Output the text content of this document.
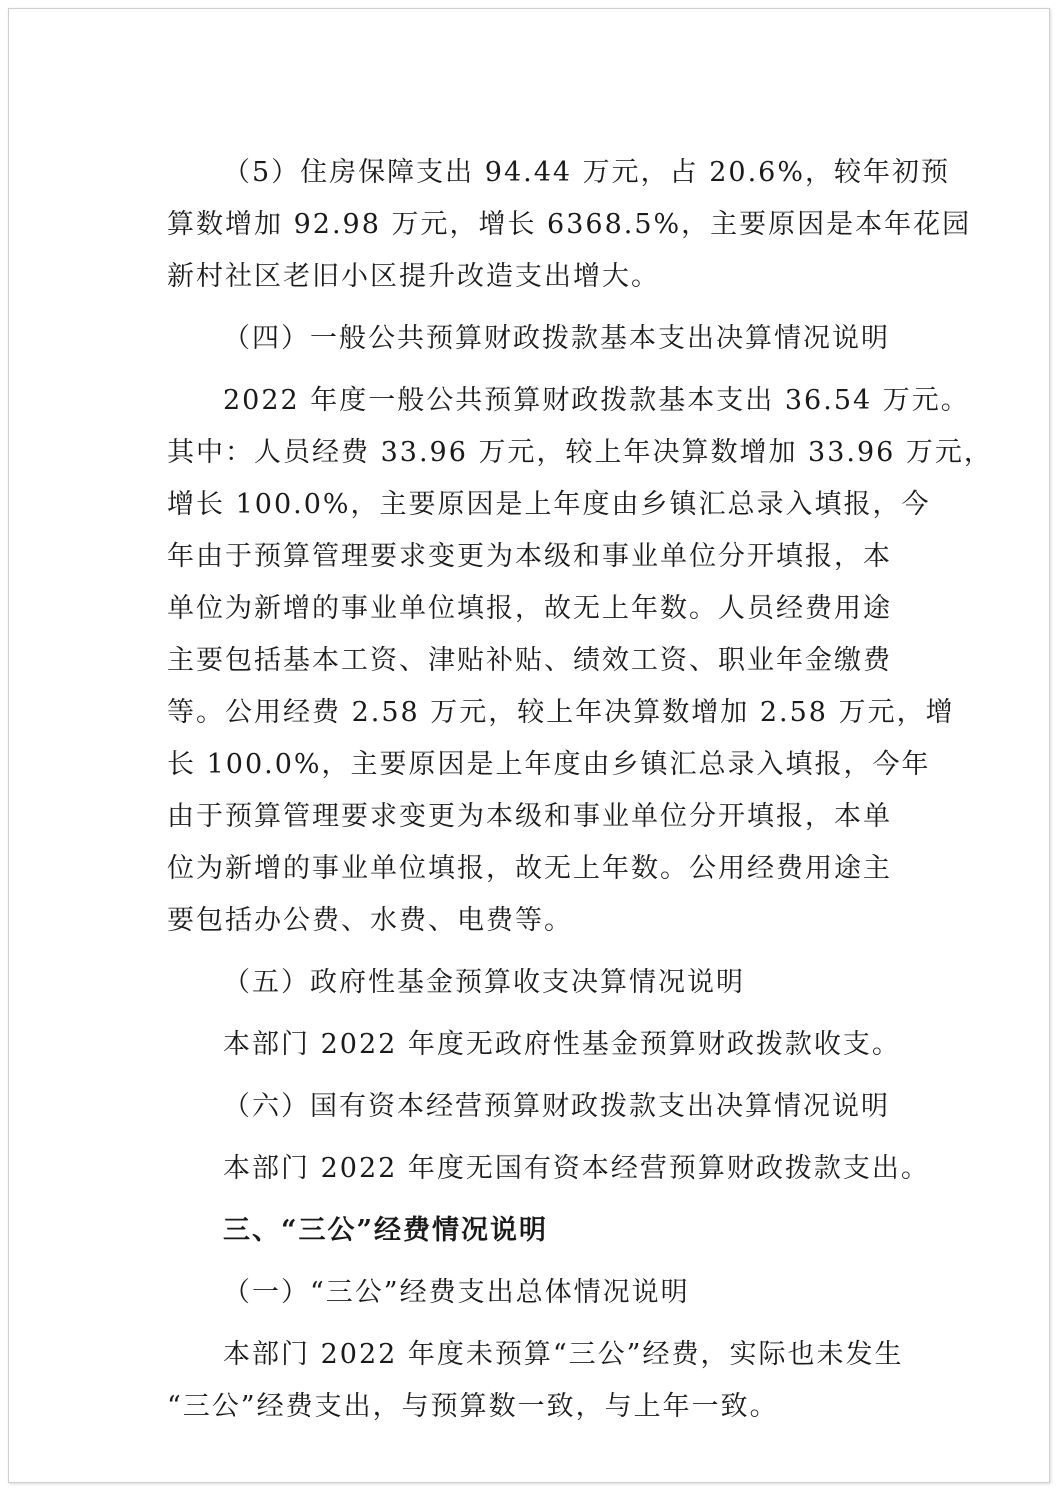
（5）住房保障支出 94.44 万元，占 20.6%，较年初预
算数增加 92.98 万元，增长 6368.5%，主要原因是本年花园
新村社区老旧小区提升改造支出增大。
（四）一般公共预算财政拨款基本支出决算情况说明
2022 年度一般公共预算财政拨款基本支出 36.54 万元。
其中：人员经费 33.96 万元，较上年决算数增加 33.96 万元，
增长 100.0%，主要原因是上年度由乡镇汇总录入填报，今
年由于预算管理要求变更为本级和事业单位分开填报，本
单位为新增的事业单位填报，故无上年数。人员经费用途
主要包括基本工资、津贴补贴、绩效工资、职业年金缴费
等。公用经费 2.58 万元，较上年决算数增加 2.58 万元，增
长 100.0%，主要原因是上年度由乡镇汇总录入填报，今年
由于预算管理要求变更为本级和事业单位分开填报，本单
位为新增的事业单位填报，故无上年数。公用经费用途主
要包括办公费、水费、电费等。
（五）政府性基金预算收支决算情况说明
本部门 2022 年度无政府性基金预算财政拨款收支。
（六）国有资本经营预算财政拨款支出决算情况说明
本部门 2022 年度无国有资本经营预算财政拨款支出。
三、“三公”经费情况说明
（一）“三公”经费支出总体情况说明
本部门 2022 年度未预算“三公”经费，实际也未发生
“三公”经费支出，与预算数一致，与上年一致。
